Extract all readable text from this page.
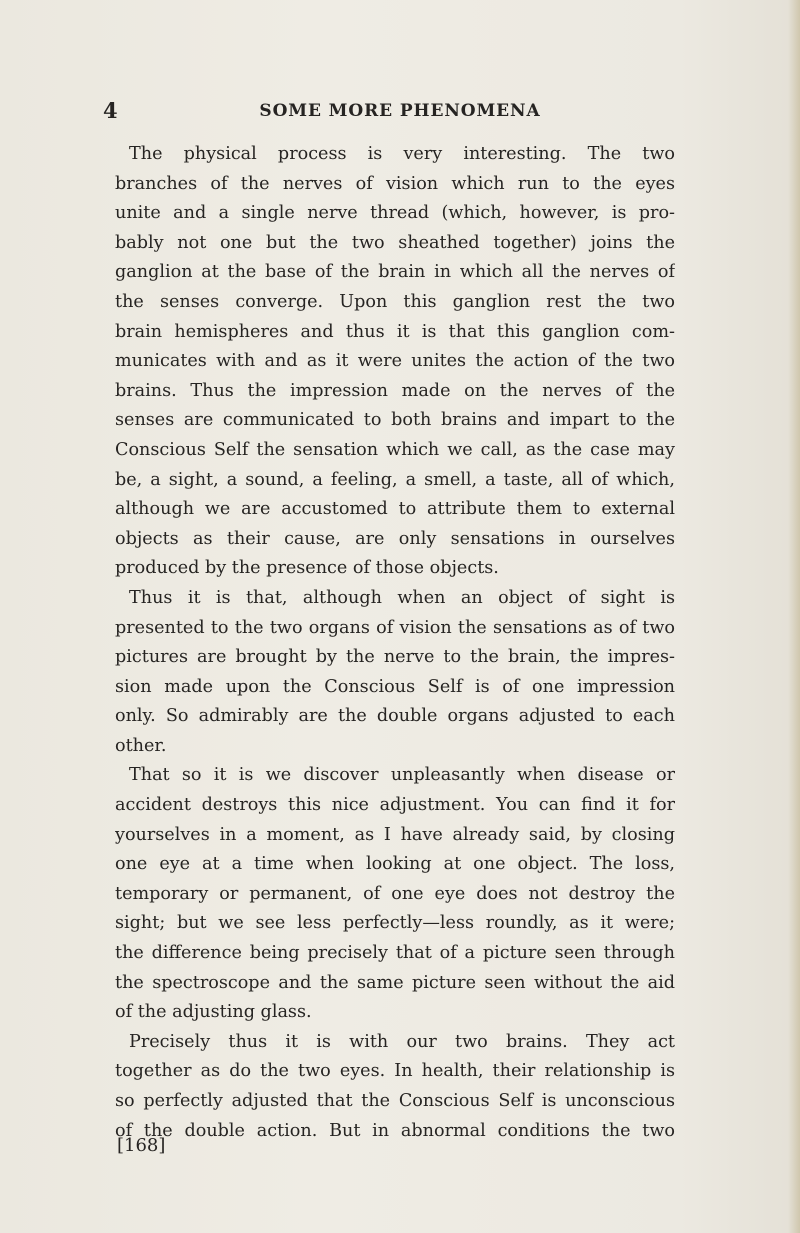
4	SOME MORE PHENOMENA
The physical process is very interesting. The two
branches of the nerves of vision which run to the eyes
unite and a single nerve thread (which, however, is pro-
bably not one but the two sheathed together) joins the
ganglion at the base of the brain in which all the nerves of
the senses converge. Upon this ganglion rest the two
brain hemispheres and thus it is that this ganglion com-
municates with and as it were unites the action of the two
brains. Thus the impression made on the nerves of the
senses are communicated to both brains and impart to the
Conscious Self the sensation which we call, as the case may
be, a sight, a sound, a feeling, a smell, a taste, all of which,
although we are accustomed to attribute them to external
objects as their cause, are only sensations in ourselves
produced by the presence of those objects.
Thus it is that, although when an object of sight is
presented to the two organs of vision the sensations as of two
pictures are brought by the nerve to the brain, the impres-
sion made upon the Conscious Self is of one impression
only. So admirably are the double organs adjusted to each
other.
That so it is we discover unpleasantly when disease or
accident destroys this nice adjustment. You can find it for
yourselves in a moment, as I have already said, by closing
one eye at a time when looking at one object. The loss,
temporary or permanent, of one eye does not destroy the
sight; but we see less perfectly—less roundly, as it were;
the difference being precisely that of a picture seen through
the spectroscope and the same picture seen without the aid
of the adjusting glass.
Precisely thus it is with our two brains. They act
together as do the two eyes. In health, their relationship is
so perfectly adjusted that the Conscious Self is unconscious
of the double action. But in abnormal conditions the two
[168]
